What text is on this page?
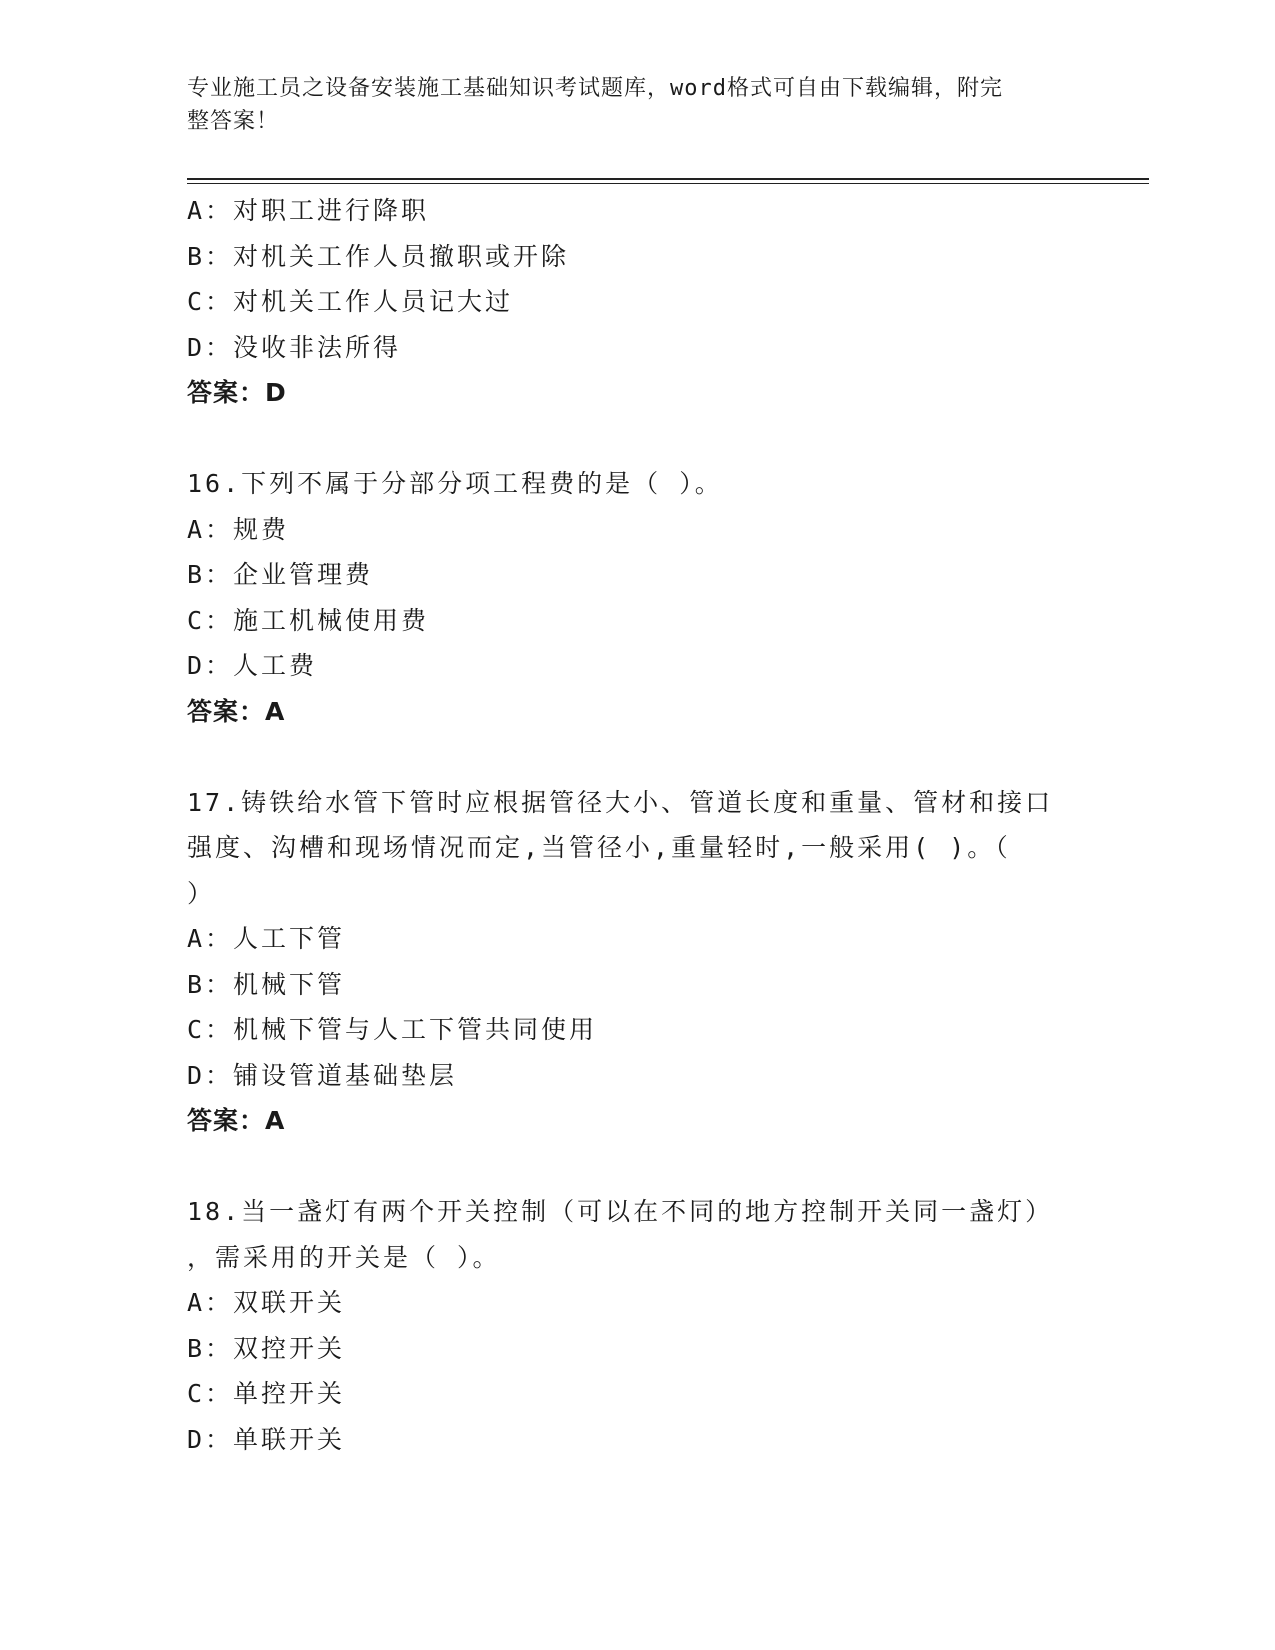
专业施工员之设备安装施工基础知识考试题库，word格式可自由下载编辑，附完
整答案！
A：对职工进行降职
B：对机关工作人员撤职或开除
C：对机关工作人员记大过
D：没收非法所得
答案：D
16.下列不属于分部分项工程费的是（ ）。
A：规费
B：企业管理费
C：施工机械使用费
D：人工费
答案：A
17.铸铁给水管下管时应根据管径大小、管道长度和重量、管材和接口
强度、沟槽和现场情况而定,当管径小,重量轻时,一般采用( )。（
）
A：人工下管
B：机械下管
C：机械下管与人工下管共同使用
D：铺设管道基础垫层
答案：A
18.当一盏灯有两个开关控制（可以在不同的地方控制开关同一盏灯）
，需采用的开关是（ ）。
A：双联开关
B：双控开关
C：单控开关
D：单联开关
